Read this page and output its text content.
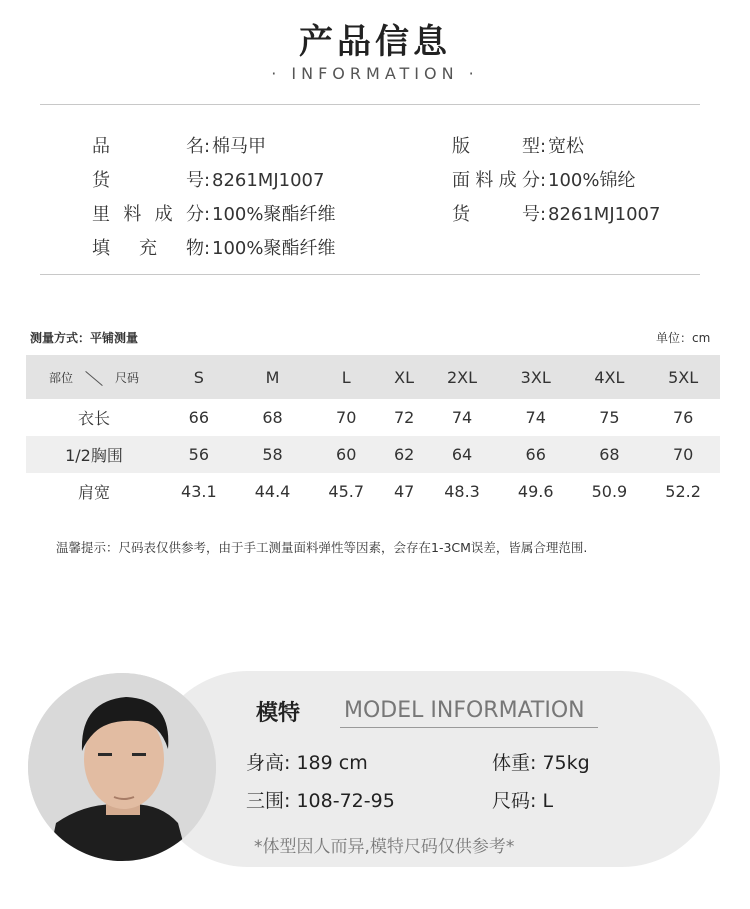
产品信息
· INFORMATION ·
品名: 棉马甲	版型: 宽松
货号: 8261MJ1007	面料成分: 100%锦纶
里料成分: 100%聚酯纤维	货号: 8261MJ1007
填充物: 100%聚酯纤维
测量方式：平铺测量	单位：cm
部位 尺码	S	M	L	XL	2XL	3XL	4XL	5XL
衣长	66	68	70	72	74	74	75	76
1/2胸围	56	58	60	62	64	66	68	70
肩宽	43.1	44.4	45.7	47	48.3	49.6	50.9	52.2
温馨提示：尺码表仅供参考，由于手工测量面料弹性等因素，会存在1-3CM误差，皆属合理范围.
模特 MODEL INFORMATION
身高: 189 cm	体重: 75kg
三围: 108-72-95	尺码: L
*体型因人而异,模特尺码仅供参考*
